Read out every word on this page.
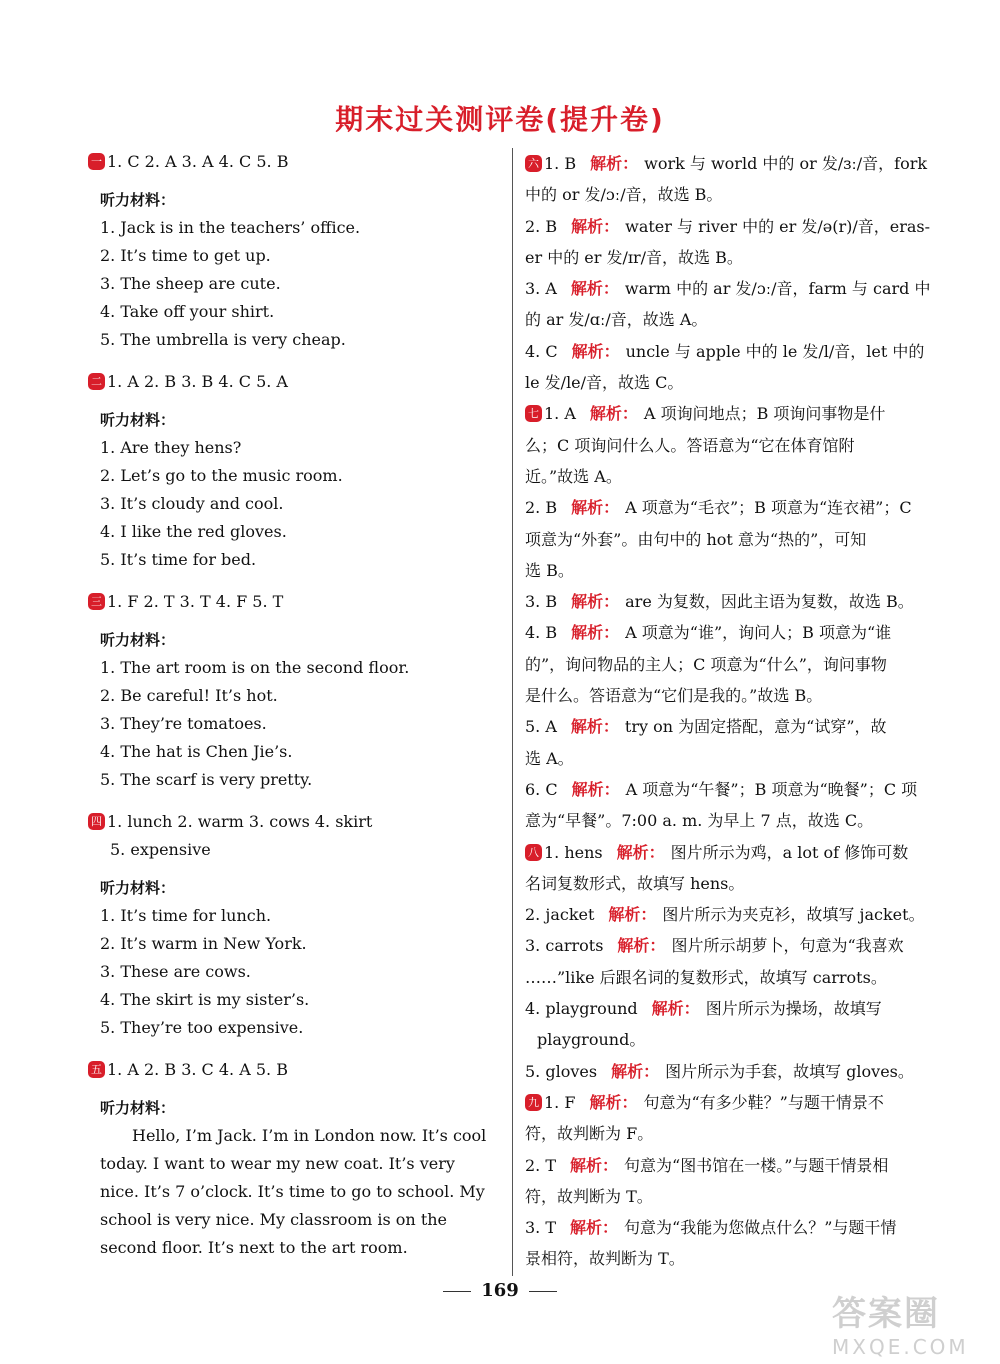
期末过关测评卷(提升卷)
一 1. C 2. A 3. A 4. C 5. B
听力材料：
1. Jack is in the teachers’ office.
2. It’s time to get up.
3. The sheep are cute.
4. Take off your shirt.
5. The umbrella is very cheap.
二 1. A 2. B 3. B 4. C 5. A
听力材料：
1. Are they hens?
2. Let’s go to the music room.
3. It’s cloudy and cool.
4. I like the red gloves.
5. It’s time for bed.
三 1. F 2. T 3. T 4. F 5. T
听力材料：
1. The art room is on the second floor.
2. Be careful! It’s hot.
3. They’re tomatoes.
4. The hat is Chen Jie’s.
5. The scarf is very pretty.
四 1. lunch 2. warm 3. cows 4. skirt
5. expensive
听力材料：
1. It’s time for lunch.
2. It’s warm in New York.
3. These are cows.
4. The skirt is my sister’s.
5. They’re too expensive.
五 1. A 2. B 3. C 4. A 5. B
听力材料：
Hello, I’m Jack. I’m in London now. It’s cool today. I want to wear my new coat. It’s very nice. It’s 7 o’clock. It’s time to go to school. My school is very nice. My classroom is on the second floor. It’s next to the art room.
六 1. B 解析： work 与 world 中的 or 发/ɜː/音，fork
中的 or 发/ɔː/音，故选 B。
2. B 解析： water 与 river 中的 er 发/ə(r)/音，eras-
er 中的 er 发/ɪr/音，故选 B。
3. A 解析： warm 中的 ar 发/ɔː/音，farm 与 card 中
的 ar 发/ɑː/音，故选 A。
4. C 解析： uncle 与 apple 中的 le 发/l/音，let 中的
le 发/le/音，故选 C。
七 1. A 解析： A 项询问地点；B 项询问事物是什
么；C 项询问什么人。答语意为“它在体育馆附
近。”故选 A。
2. B 解析： A 项意为“毛衣”；B 项意为“连衣裙”；C
项意为“外套”。由句中的 hot 意为“热的”，可知
选 B。
3. B 解析： are 为复数，因此主语为复数，故选 B。
4. B 解析： A 项意为“谁”，询问人；B 项意为“谁
的”，询问物品的主人；C 项意为“什么”，询问事物
是什么。答语意为“它们是我的。”故选 B。
5. A 解析： try on 为固定搭配，意为“试穿”，故
选 A。
6. C 解析： A 项意为“午餐”；B 项意为“晚餐”；C 项
意为“早餐”。7:00 a. m. 为早上 7 点，故选 C。
八 1. hens 解析： 图片所示为鸡，a lot of 修饰可数
名词复数形式，故填写 hens。
2. jacket 解析： 图片所示为夹克衫，故填写 jacket。
3. carrots 解析： 图片所示胡萝卜，句意为“我喜欢
……”like 后跟名词的复数形式，故填写 carrots。
4. playground 解析： 图片所示为操场，故填写
playground。
5. gloves 解析： 图片所示为手套，故填写 gloves。
九 1. F 解析： 句意为“有多少鞋？”与题干情景不
符，故判断为 F。
2. T 解析： 句意为“图书馆在一楼。”与题干情景相
符，故判断为 T。
3. T 解析： 句意为“我能为您做点什么？”与题干情
景相符，故判断为 T。
169
答案圈
MXQE.COM
